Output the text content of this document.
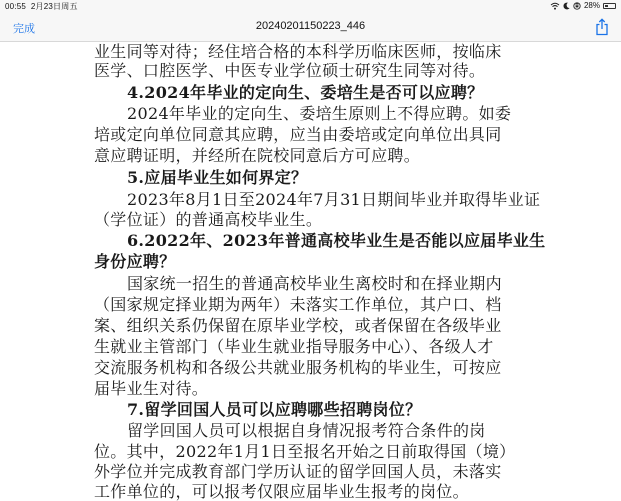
00:55 2月23日周五	28%
完成	20240201150223_446
业生同等对待；经住培合格的本科学历临床医师，按临床
医学、口腔医学、中医专业学位硕士研究生同等对待。
4.2024年毕业的定向生、委培生是否可以应聘？
2024年毕业的定向生、委培生原则上不得应聘。如委
培或定向单位同意其应聘，应当由委培或定向单位出具同
意应聘证明，并经所在院校同意后方可应聘。
5.应届毕业生如何界定？
2023年8月1日至2024年7月31日期间毕业并取得毕业证
（学位证）的普通高校毕业生。
6.2022年、2023年普通高校毕业生是否能以应届毕业生
身份应聘？
国家统一招生的普通高校毕业生离校时和在择业期内
（国家规定择业期为两年）未落实工作单位，其户口、档
案、组织关系仍保留在原毕业学校，或者保留在各级毕业
生就业主管部门（毕业生就业指导服务中心）、各级人才
交流服务机构和各级公共就业服务机构的毕业生，可按应
届毕业生对待。
7.留学回国人员可以应聘哪些招聘岗位？
留学回国人员可以根据自身情况报考符合条件的岗
位。其中，2022年1月1日至报名开始之日前取得国（境）
外学位并完成教育部门学历认证的留学回国人员，未落实
工作单位的，可以报考仅限应届毕业生报考的岗位。
